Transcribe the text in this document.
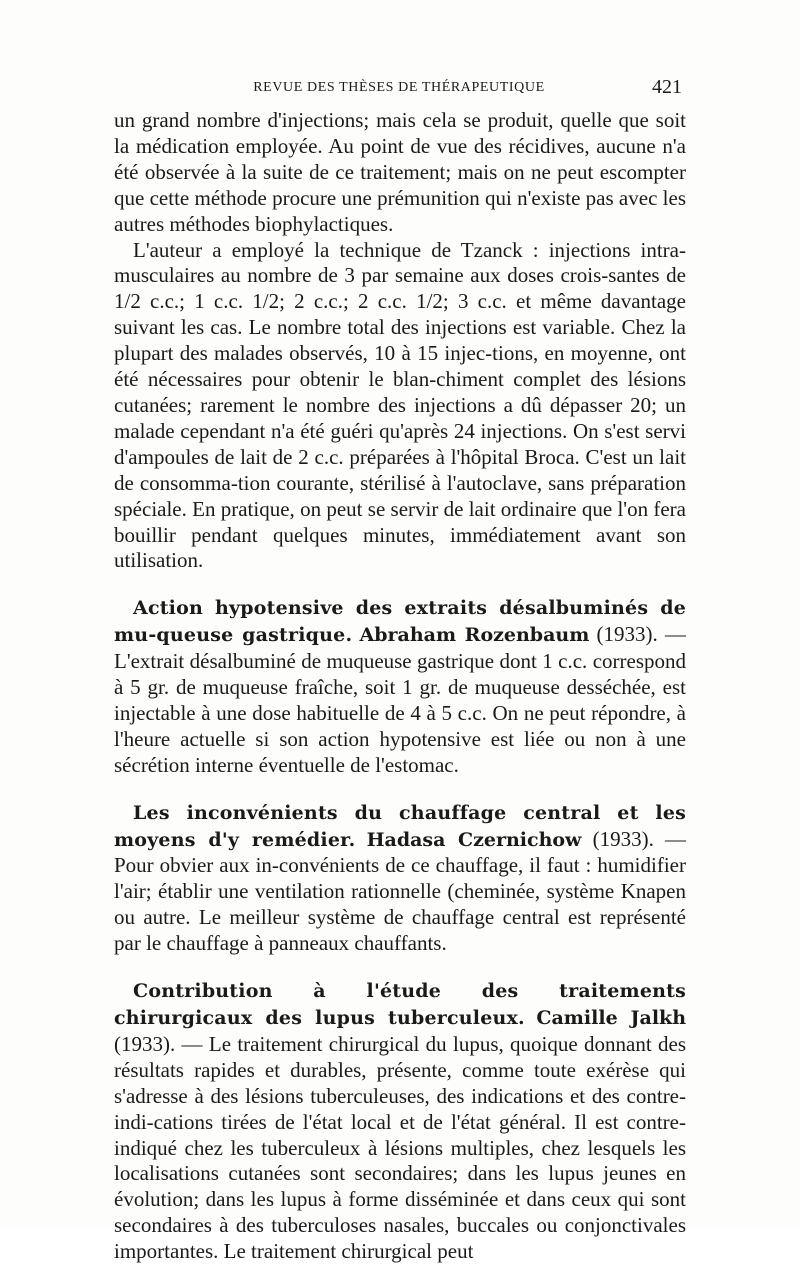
REVUE DES THÈSES DE THÉRAPEUTIQUE	421

un grand nombre d'injections; mais cela se produit, quelle que soit la médication employée. Au point de vue des récidives, aucune n'a été observée à la suite de ce traitement; mais on ne peut escompter que cette méthode procure une prémunition qui n'existe pas avec les autres méthodes biophylactiques.

L'auteur a employé la technique de Tzanck : injections intra-musculaires au nombre de 3 par semaine aux doses crois-santes de 1/2 c.c.; 1 c.c. 1/2; 2 c.c.; 2 c.c. 1/2; 3 c.c. et même davantage suivant les cas. Le nombre total des injections est variable. Chez la plupart des malades observés, 10 à 15 injec-tions, en moyenne, ont été nécessaires pour obtenir le blan-chiment complet des lésions cutanées; rarement le nombre des injections a dû dépasser 20; un malade cependant n'a été guéri qu'après 24 injections. On s'est servi d'ampoules de lait de 2 c.c. préparées à l'hôpital Broca. C'est un lait de consomma-tion courante, stérilisé à l'autoclave, sans préparation spéciale. En pratique, on peut se servir de lait ordinaire que l'on fera bouillir pendant quelques minutes, immédiatement avant son utilisation.

Action hypotensive des extraits désalbuminés de mu-queuse gastrique. Abraham Rozenbaum (1933). — L'extrait désalbuminé de muqueuse gastrique dont 1 c.c. correspond à 5 gr. de muqueuse fraîche, soit 1 gr. de muqueuse desséchée, est injectable à une dose habituelle de 4 à 5 c.c. On ne peut répondre, à l'heure actuelle si son action hypotensive est liée ou non à une sécrétion interne éventuelle de l'estomac.

Les inconvénients du chauffage central et les moyens d'y remédier. Hadasa Czernichow (1933). — Pour obvier aux in-convénients de ce chauffage, il faut : humidifier l'air; établir une ventilation rationnelle (cheminée, système Knapen ou autre. Le meilleur système de chauffage central est représenté par le chauffage à panneaux chauffants.

Contribution à l'étude des traitements chirurgicaux des lupus tuberculeux. Camille Jalkh (1933). — Le traitement chirurgical du lupus, quoique donnant des résultats rapides et durables, présente, comme toute exérèse qui s'adresse à des lésions tuberculeuses, des indications et des contre-indi-cations tirées de l'état local et de l'état général. Il est contre-indiqué chez les tuberculeux à lésions multiples, chez lesquels les localisations cutanées sont secondaires; dans les lupus jeunes en évolution; dans les lupus à forme disséminée et dans ceux qui sont secondaires à des tuberculoses nasales, buccales ou conjonctivales importantes. Le traitement chirurgical peut
